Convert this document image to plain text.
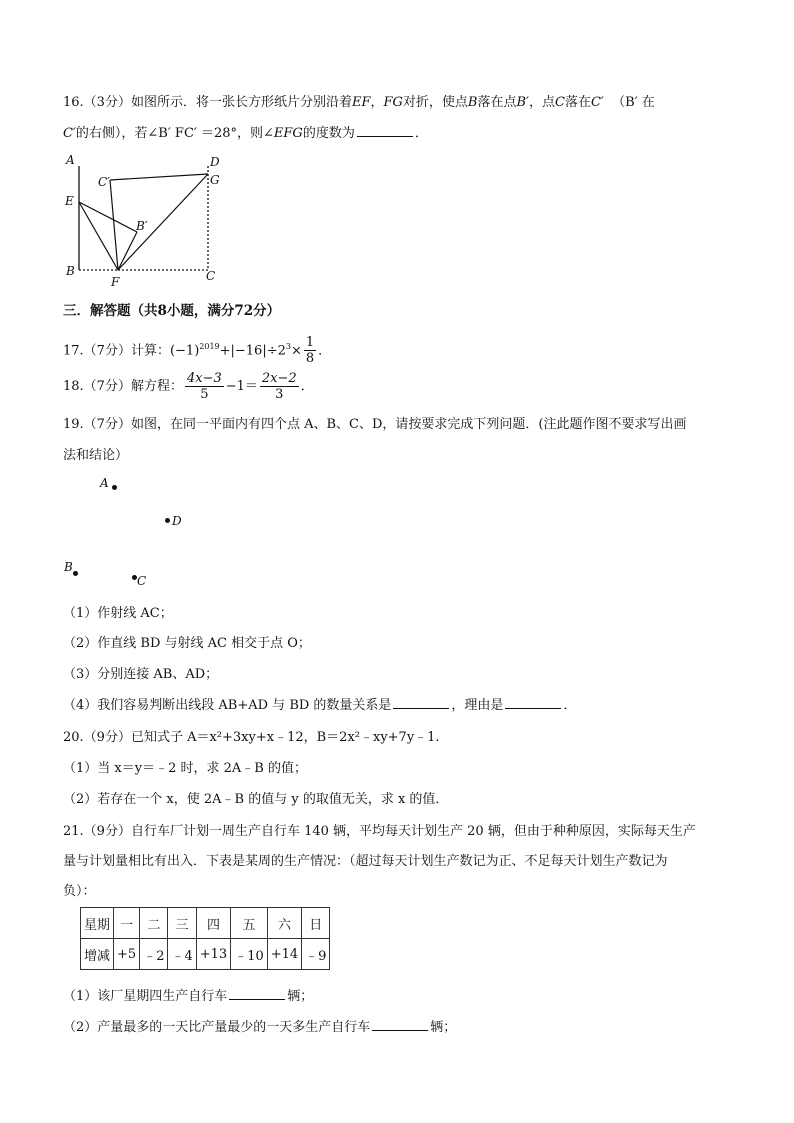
16.（3分）如图所示．将一张长方形纸片分别沿着EF，FG对折，使点B落在点B′，点C落在C′ （B′ 在
C′的右侧），若∠B′ FC′ ＝28°，则∠EFG的度数为	．
A	D
G
C′
E
B′
B
F	C
三．解答题（共8小题，满分72分）
17.（7分）计算：$(-1)^{2019}+|-16|\div 2^3\times \frac{1}{8}$ ．
18.（7分）解方程： $\frac{4x-3}{5} -1= \frac{2x-2}{3}$ ．
19.（7分）如图，在同一平面内有四个点 A、B、C、D，请按要求完成下列问题．(注此题作图不要求写出画
法和结论）
A
D
B
C
（1）作射线 AC；
（2）作直线 BD 与射线 AC 相交于点 O；
（3）分别连接 AB、AD；
（4）我们容易判断出线段 AB+AD 与 BD 的数量关系是	，理由是	．
20.（9分）已知式子 A＝x²+3xy+x﹣12，B＝2x²﹣xy+7y﹣1.
（1）当 x＝y＝﹣2 时，求 2A﹣B 的值；
（2）若存在一个 x，使 2A﹣B 的值与 y 的取值无关，求 x 的值．
21.（9分）自行车厂计划一周生产自行车 140 辆，平均每天计划生产 20 辆，但由于种种原因，实际每天生产
量与计划量相比有出入．下表是某周的生产情况：（超过每天计划生产数记为正、不足每天计划生产数记为
负）：
星期	一	二	三	四	五	六	日
增减	+5	﹣2	﹣4	+13	﹣10	+14	﹣9
（1）该厂星期四生产自行车	辆；
（2）产量最多的一天比产量最少的一天多生产自行车	辆；
